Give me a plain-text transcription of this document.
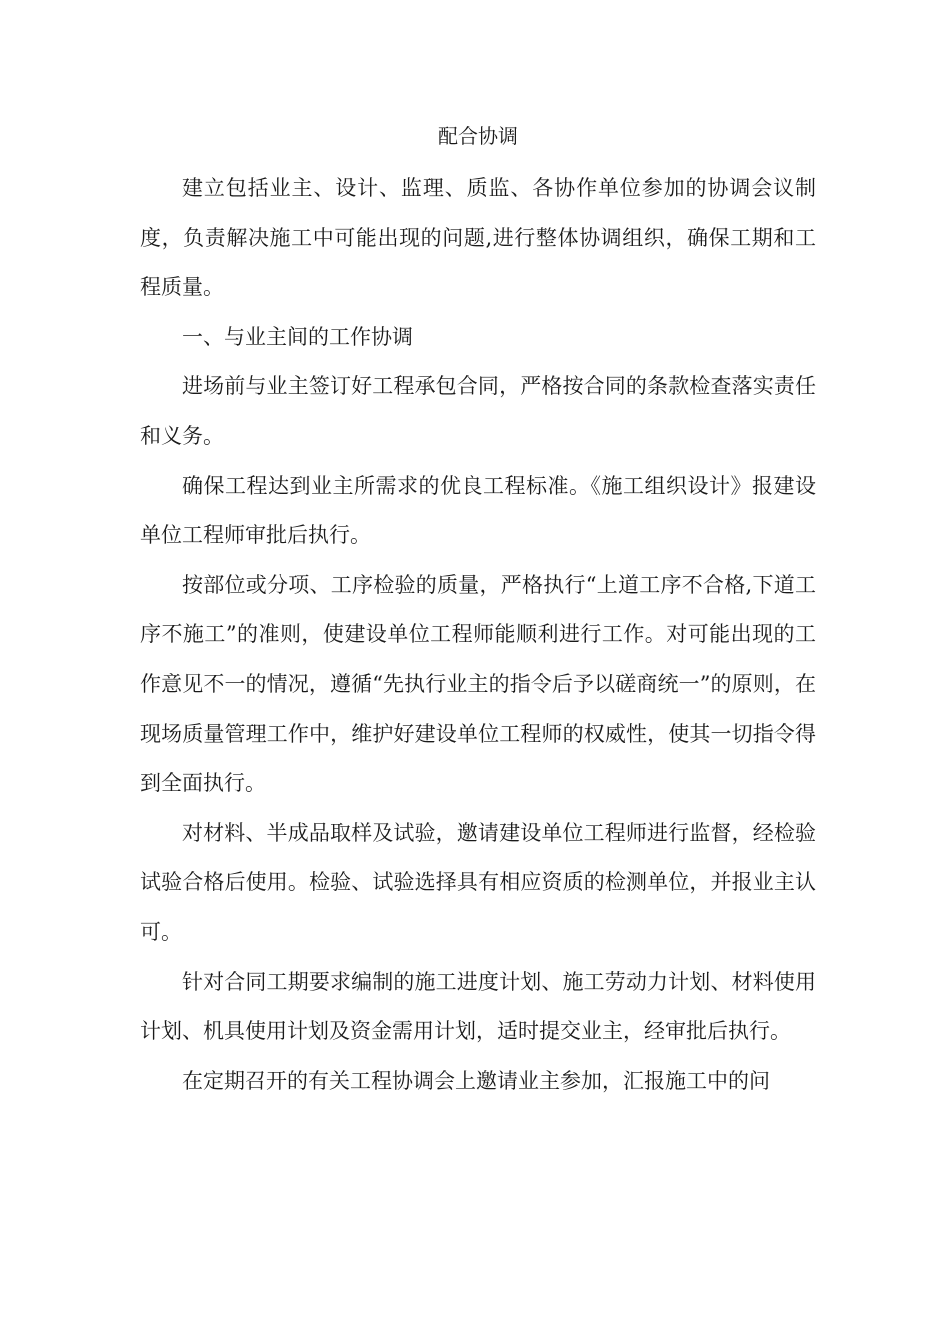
配合协调

建立包括业主、设计、监理、质监、各协作单位参加的协调会议制度，负责解决施工中可能出现的问题,进行整体协调组织，确保工期和工程质量。

一、与业主间的工作协调

进场前与业主签订好工程承包合同，严格按合同的条款检查落实责任和义务。

确保工程达到业主所需求的优良工程标准。《施工组织设计》报建设单位工程师审批后执行。

按部位或分项、工序检验的质量，严格执行“上道工序不合格,下道工序不施工”的准则，使建设单位工程师能顺利进行工作。对可能出现的工作意见不一的情况，遵循“先执行业主的指令后予以磋商统一”的原则，在现场质量管理工作中，维护好建设单位工程师的权威性，使其一切指令得到全面执行。

对材料、半成品取样及试验，邀请建设单位工程师进行监督，经检验试验合格后使用。检验、试验选择具有相应资质的检测单位，并报业主认可。

针对合同工期要求编制的施工进度计划、施工劳动力计划、材料使用计划、机具使用计划及资金需用计划，适时提交业主，经审批后执行。

在定期召开的有关工程协调会上邀请业主参加，汇报施工中的问
